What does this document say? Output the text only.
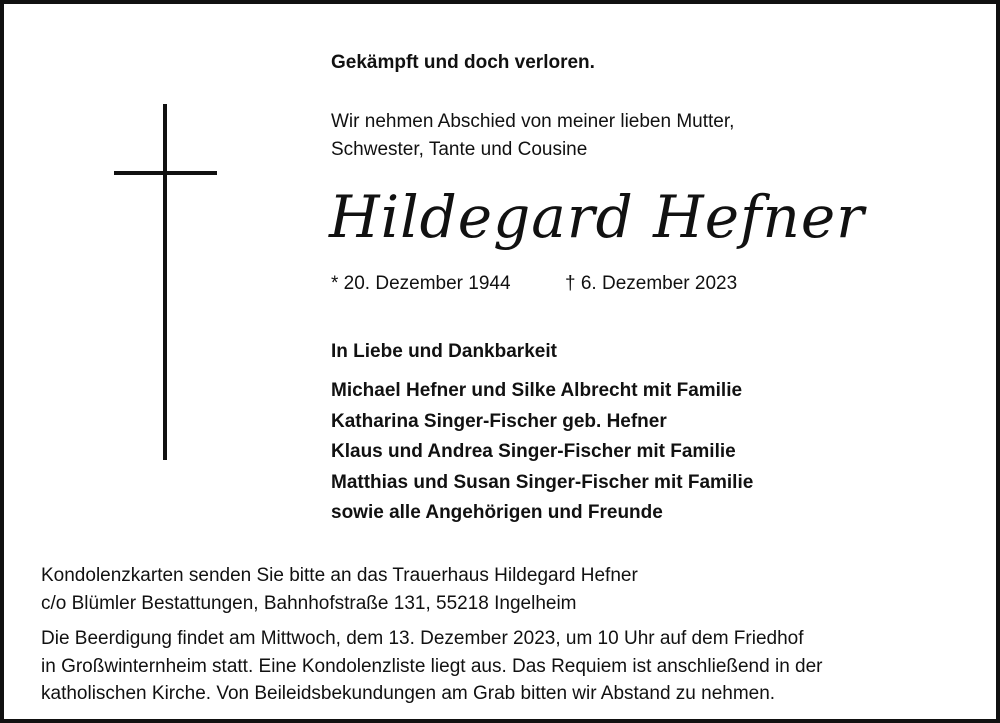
Gekämpft und doch verloren.
Wir nehmen Abschied von meiner lieben Mutter,
Schwester, Tante und Cousine
Hildegard Hefner
* 20. Dezember 1944	† 6. Dezember 2023
In Liebe und Dankbarkeit
Michael Hefner und Silke Albrecht mit Familie
Katharina Singer-Fischer geb. Hefner
Klaus und Andrea Singer-Fischer mit Familie
Matthias und Susan Singer-Fischer mit Familie
sowie alle Angehörigen und Freunde
Kondolenzkarten senden Sie bitte an das Trauerhaus Hildegard Hefner
c/o Blümler Bestattungen, Bahnhofstraße 131, 55218 Ingelheim
Die Beerdigung findet am Mittwoch, dem 13. Dezember 2023, um 10 Uhr auf dem Friedhof
in Großwinternheim statt. Eine Kondolenzliste liegt aus. Das Requiem ist anschließend in der
katholischen Kirche. Von Beileidsbekundungen am Grab bitten wir Abstand zu nehmen.
